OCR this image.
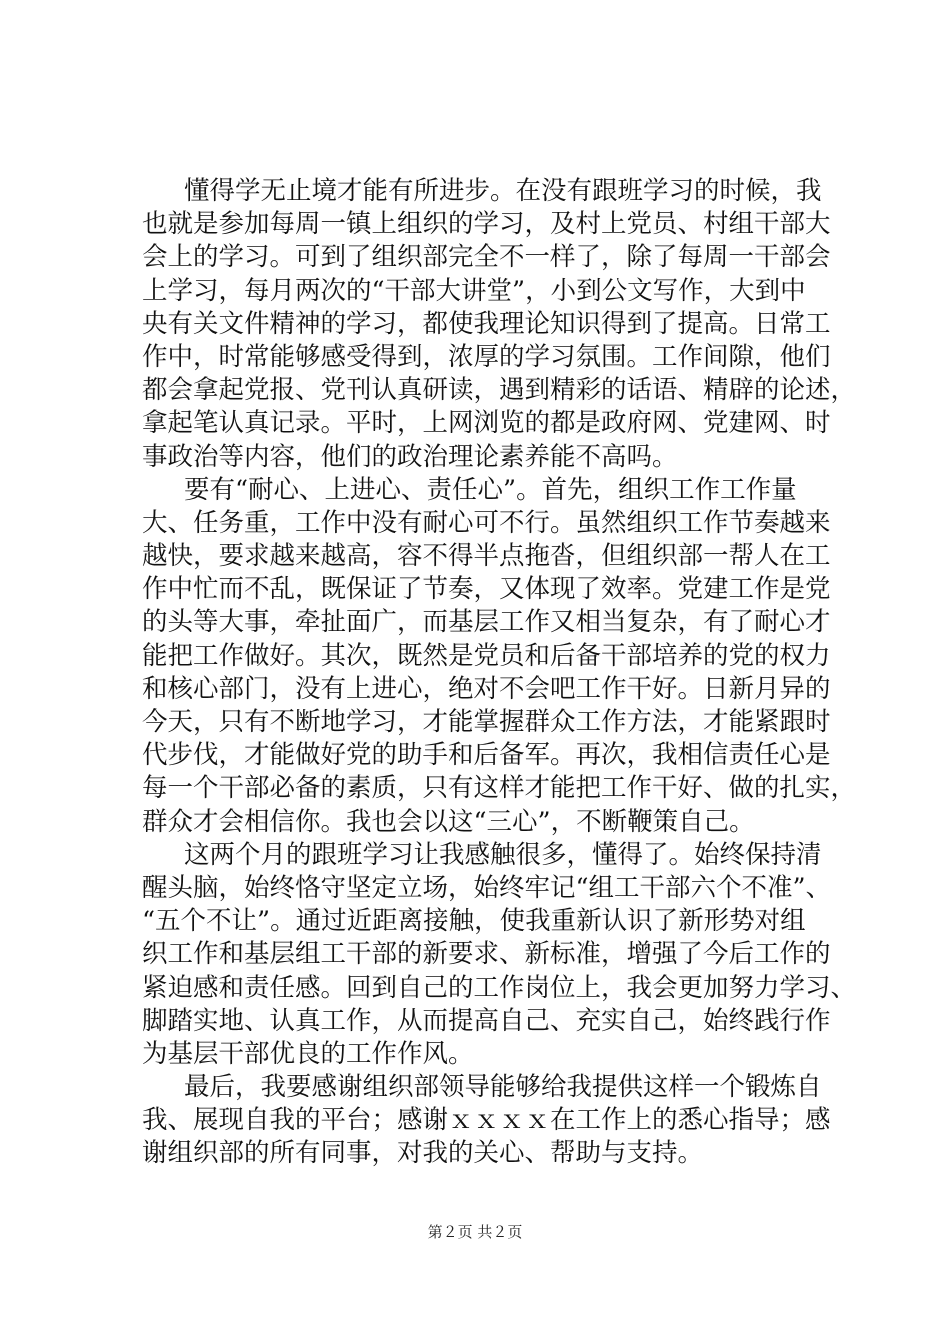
懂得学无止境才能有所进步。在没有跟班学习的时候，我
也就是参加每周一镇上组织的学习，及村上党员、村组干部大
会上的学习。可到了组织部完全不一样了，除了每周一干部会
上学习，每月两次的“干部大讲堂”，小到公文写作，大到中
央有关文件精神的学习，都使我理论知识得到了提高。日常工
作中，时常能够感受得到，浓厚的学习氛围。工作间隙，他们
都会拿起党报、党刊认真研读，遇到精彩的话语、精辟的论述，
拿起笔认真记录。平时，上网浏览的都是政府网、党建网、时
事政治等内容，他们的政治理论素养能不高吗。
要有“耐心、上进心、责任心”。首先，组织工作工作量
大、任务重，工作中没有耐心可不行。虽然组织工作节奏越来
越快，要求越来越高，容不得半点拖沓，但组织部一帮人在工
作中忙而不乱，既保证了节奏，又体现了效率。党建工作是党
的头等大事，牵扯面广，而基层工作又相当复杂，有了耐心才
能把工作做好。其次，既然是党员和后备干部培养的党的权力
和核心部门，没有上进心，绝对不会吧工作干好。日新月异的
今天，只有不断地学习，才能掌握群众工作方法，才能紧跟时
代步伐，才能做好党的助手和后备军。再次，我相信责任心是
每一个干部必备的素质，只有这样才能把工作干好、做的扎实，
群众才会相信你。我也会以这“三心”，不断鞭策自己。
这两个月的跟班学习让我感触很多，懂得了。始终保持清
醒头脑，始终恪守坚定立场，始终牢记“组工干部六个不准”、
“五个不让”。通过近距离接触，使我重新认识了新形势对组
织工作和基层组工干部的新要求、新标准，增强了今后工作的
紧迫感和责任感。回到自己的工作岗位上，我会更加努力学习、
脚踏实地、认真工作，从而提高自己、充实自己，始终践行作
为基层干部优良的工作作风。
最后，我要感谢组织部领导能够给我提供这样一个锻炼自
我、展现自我的平台；感谢ｘｘｘｘ在工作上的悉心指导；感
谢组织部的所有同事，对我的关心、帮助与支持。
第２页 共２页
